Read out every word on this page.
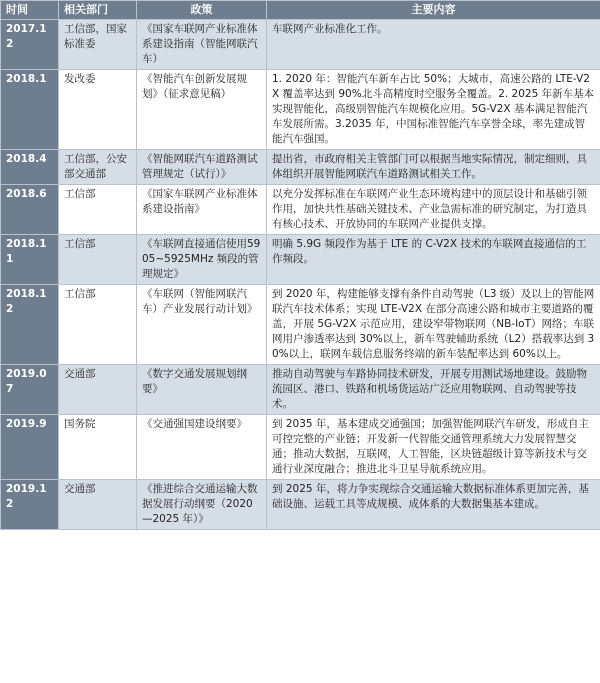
时间	相关部门	政策	主要内容
2017.12	工信部，国家标准委	《国家车联网产业标准体系建设指南（智能网联汽车）	车联网产业标准化工作。
2018.1	发改委	《智能汽车创新发展规划》（征求意见稿）	1. 2020 年：智能汽车新车占比 50%；大城市，高速公路的 LTE-V2X 覆盖率达到 90%北斗高精度时空服务全覆盖。2. 2025 年新车基本实现智能化，高级别智能汽车规模化应用。5G-V2X 基本满足智能汽车发展所需。3.2035 年，中国标准智能汽车享誉全球，率先建成智能汽车强国。
2018.4	工信部，公安部交通部	《智能网联汽车道路测试管理规定（试行）》	提出省，市政府相关主管部门可以根据当地实际情况，制定细则，具体组织开展智能网联汽车道路测试相关工作。
2018.6	工信部	《国家车联网产业标准体系建设指南》	以充分发挥标准在车联网产业生态环境构建中的顶层设计和基础引领作用，加快共性基础关键技术、产业急需标准的研究制定，为打造具有核心技术、开放协同的车联网产业提供支撑。
2018.11	工信部	《车联网直接通信使用5905~5925MHz 频段的管理规定》	明确 5.9G 频段作为基于 LTE 的 C-V2X 技术的车联网直接通信的工作频段。
2018.12	工信部	《车联网（智能网联汽车）产业发展行动计划》	到 2020 年，构建能够支撑有条件自动驾驶（L3 级）及以上的智能网联汽车技术体系；实现 LTE-V2X 在部分高速公路和城市主要道路的覆盖，开展 5G-V2X 示范应用，建设窄带物联网（NB-IoT）网络；车联网用户渗透率达到 30%以上，新车驾驶辅助系统（L2）搭载率达到 30%以上，联网车载信息服务终端的新车装配率达到 60%以上。
2019.07	交通部	《数字交通发展规划纲要》	推动自动驾驶与车路协同技术研发，开展专用测试场地建设。鼓励物流园区、港口、铁路和机场货运站广泛应用物联网、自动驾驶等技术。
2019.9	国务院	《交通强国建设纲要》	到 2035 年，基本建成交通强国；加强智能网联汽车研发，形成自主可控完整的产业链；开发新一代智能交通管理系统大力发展智慧交通；推动大数据，互联网，人工智能，区块链超级计算等新技术与交通行业深度融合；推进北斗卫星导航系统应用。
2019.12	交通部	《推进综合交通运输大数据发展行动纲要（2020—2025 年）》	到 2025 年，将力争实现综合交通运输大数据标准体系更加完善，基础设施、运载工具等成规模、成体系的大数据集基本建成。
